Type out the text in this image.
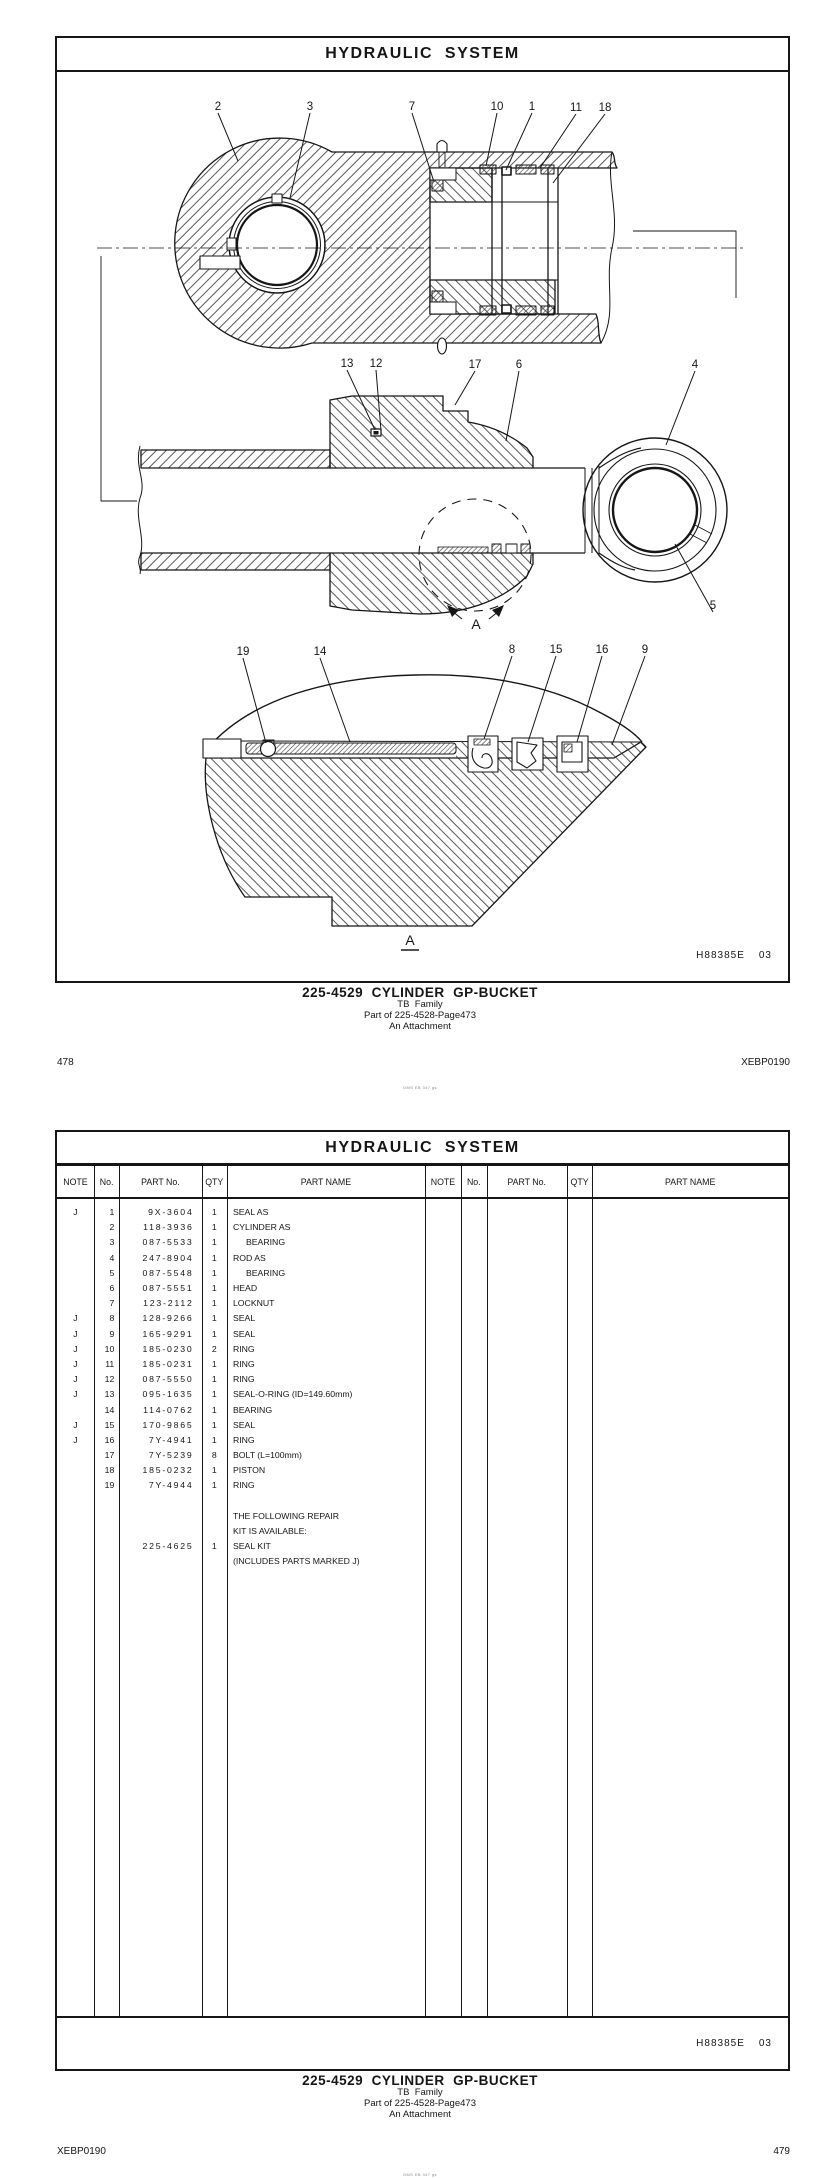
HYDRAULIC  SYSTEM
A
A
2	3	7	10 1	11 18
13 12	17	6	4
5
19	14	8	15	16	9

H88385E 03

225-4529  CYLINDER  GP-BUCKET
TB  Family
Part of 225-4528-Page473
An Attachment
478	XEBP0190
OMS EB 347 gs
HYDRAULIC  SYSTEM
NOTE	No.	PART No.	QTY	PART NAME	NOTE	No.	PART No.	QTY	PART NAME
J	1	9X-3604	1	SEAL AS
2	118-3936	1	CYLINDER AS
3	087-5533	1	BEARING
4	247-8904	1	ROD AS
5	087-5548	1	BEARING
6	087-5551	1	HEAD
7	123-2112	1	LOCKNUT
J	8	128-9266	1	SEAL
J	9	165-9291	1	SEAL
J	10	185-0230	2	RING
J	11	185-0231	1	RING
J	12	087-5550	1	RING
J	13	095-1635	1	SEAL-O-RING (ID=149.60mm)
14	114-0762	1	BEARING
J	15	170-9865	1	SEAL
J	16	7Y-4941	1	RING
17	7Y-5239	8	BOLT (L=100mm)
18	185-0232	1	PISTON
19	7Y-4944	1	RING
THE FOLLOWING REPAIR
KIT IS AVAILABLE:
225-4625	1	SEAL KIT
(INCLUDES PARTS MARKED J)

H88385E 03

225-4529  CYLINDER  GP-BUCKET
TB  Family
Part of 225-4528-Page473
An Attachment
XEBP0190	479
OMS EB 347 gs
